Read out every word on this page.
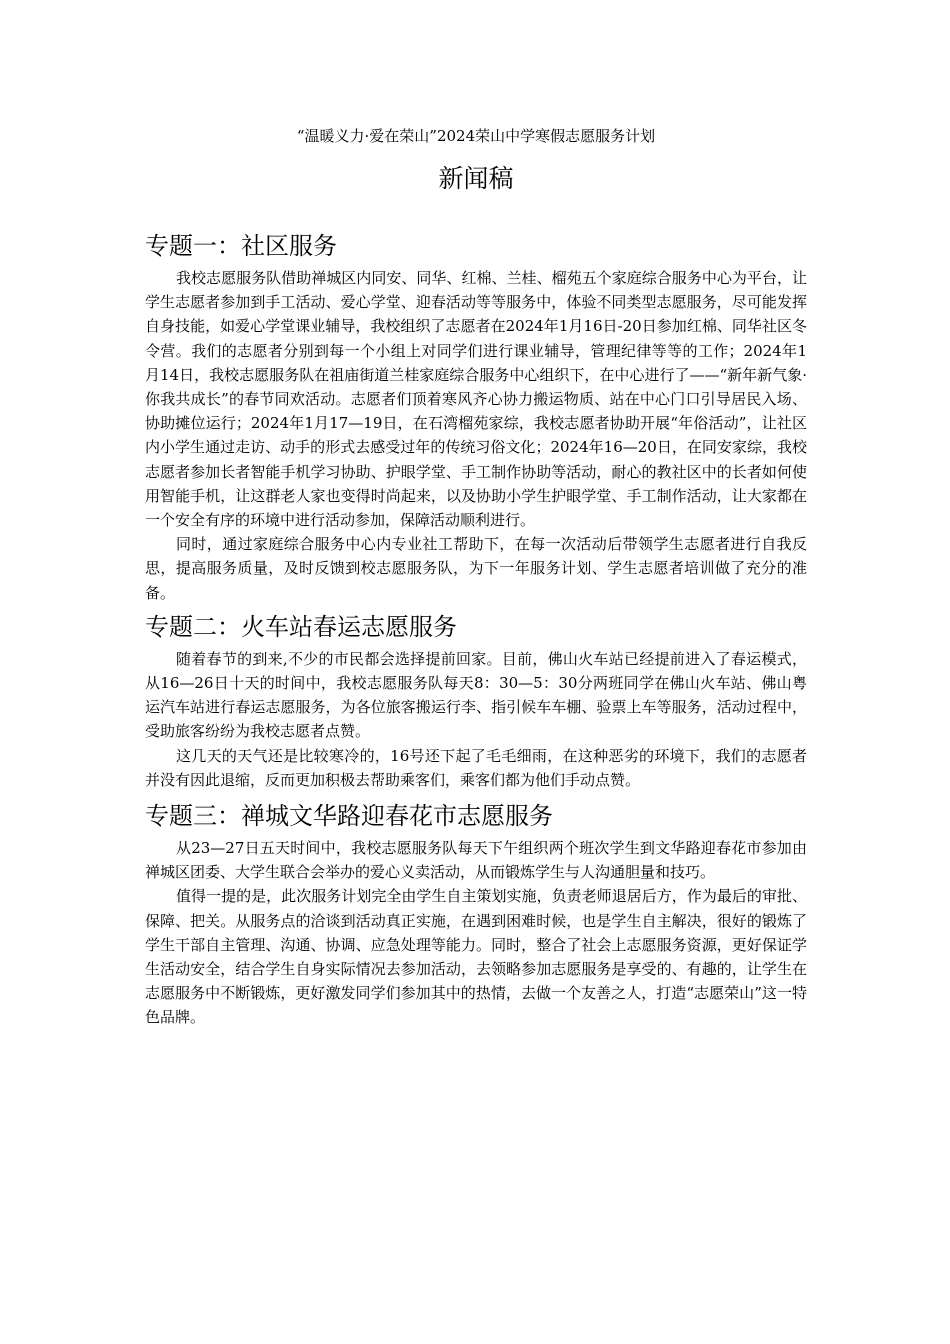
“温暖义力·爱在荣山”2024荣山中学寒假志愿服务计划

新闻稿
专题一：社区服务

我校志愿服务队借助禅城区内同安、同华、红棉、兰桂、榴苑五个家庭综合服务中心为平台，让学生志愿者参加到手工活动、爱心学堂、迎春活动等等服务中，体验不同类型志愿服务，尽可能发挥自身技能，如爱心学堂课业辅导，我校组织了志愿者在2024年1月16日-20日参加红棉、同华社区冬令营。我们的志愿者分别到每一个小组上对同学们进行课业辅导，管理纪律等等的工作；2024年1月14日，我校志愿服务队在祖庙街道兰桂家庭综合服务中心组织下，在中心进行了——“新年新气象·你我共成长”的春节同欢活动。志愿者们顶着寒风齐心协力搬运物质、站在中心门口引导居民入场、协助摊位运行；2024年1月17—19日，在石湾榴苑家综，我校志愿者协助开展“年俗活动”，让社区内小学生通过走访、动手的形式去感受过年的传统习俗文化；2024年16—20日，在同安家综，我校志愿者参加长者智能手机学习协助、护眼学堂、手工制作协助等活动，耐心的教社区中的长者如何使用智能手机，让这群老人家也变得时尚起来，以及协助小学生护眼学堂、手工制作活动，让大家都在一个安全有序的环境中进行活动参加，保障活动顺利进行。

同时，通过家庭综合服务中心内专业社工帮助下，在每一次活动后带领学生志愿者进行自我反思，提高服务质量，及时反馈到校志愿服务队，为下一年服务计划、学生志愿者培训做了充分的准备。

专题二：火车站春运志愿服务

随着春节的到来,不少的市民都会选择提前回家。目前，佛山火车站已经提前进入了春运模式，从16—26日十天的时间中，我校志愿服务队每天8：30—5：30分两班同学在佛山火车站、佛山粤运汽车站进行春运志愿服务，为各位旅客搬运行李、指引候车车棚、验票上车等服务，活动过程中，受助旅客纷纷为我校志愿者点赞。

这几天的天气还是比较寒冷的，16号还下起了毛毛细雨，在这种恶劣的环境下，我们的志愿者并没有因此退缩，反而更加积极去帮助乘客们，乘客们都为他们手动点赞。

专题三：禅城文华路迎春花市志愿服务

从23—27日五天时间中，我校志愿服务队每天下午组织两个班次学生到文华路迎春花市参加由禅城区团委、大学生联合会举办的爱心义卖活动，从而锻炼学生与人沟通胆量和技巧。

值得一提的是，此次服务计划完全由学生自主策划实施，负责老师退居后方，作为最后的审批、保障、把关。从服务点的洽谈到活动真正实施，在遇到困难时候，也是学生自主解决，很好的锻炼了学生干部自主管理、沟通、协调、应急处理等能力。同时，整合了社会上志愿服务资源，更好保证学生活动安全，结合学生自身实际情况去参加活动，去领略参加志愿服务是享受的、有趣的，让学生在志愿服务中不断锻炼，更好激发同学们参加其中的热情，去做一个友善之人，打造“志愿荣山”这一特色品牌。
